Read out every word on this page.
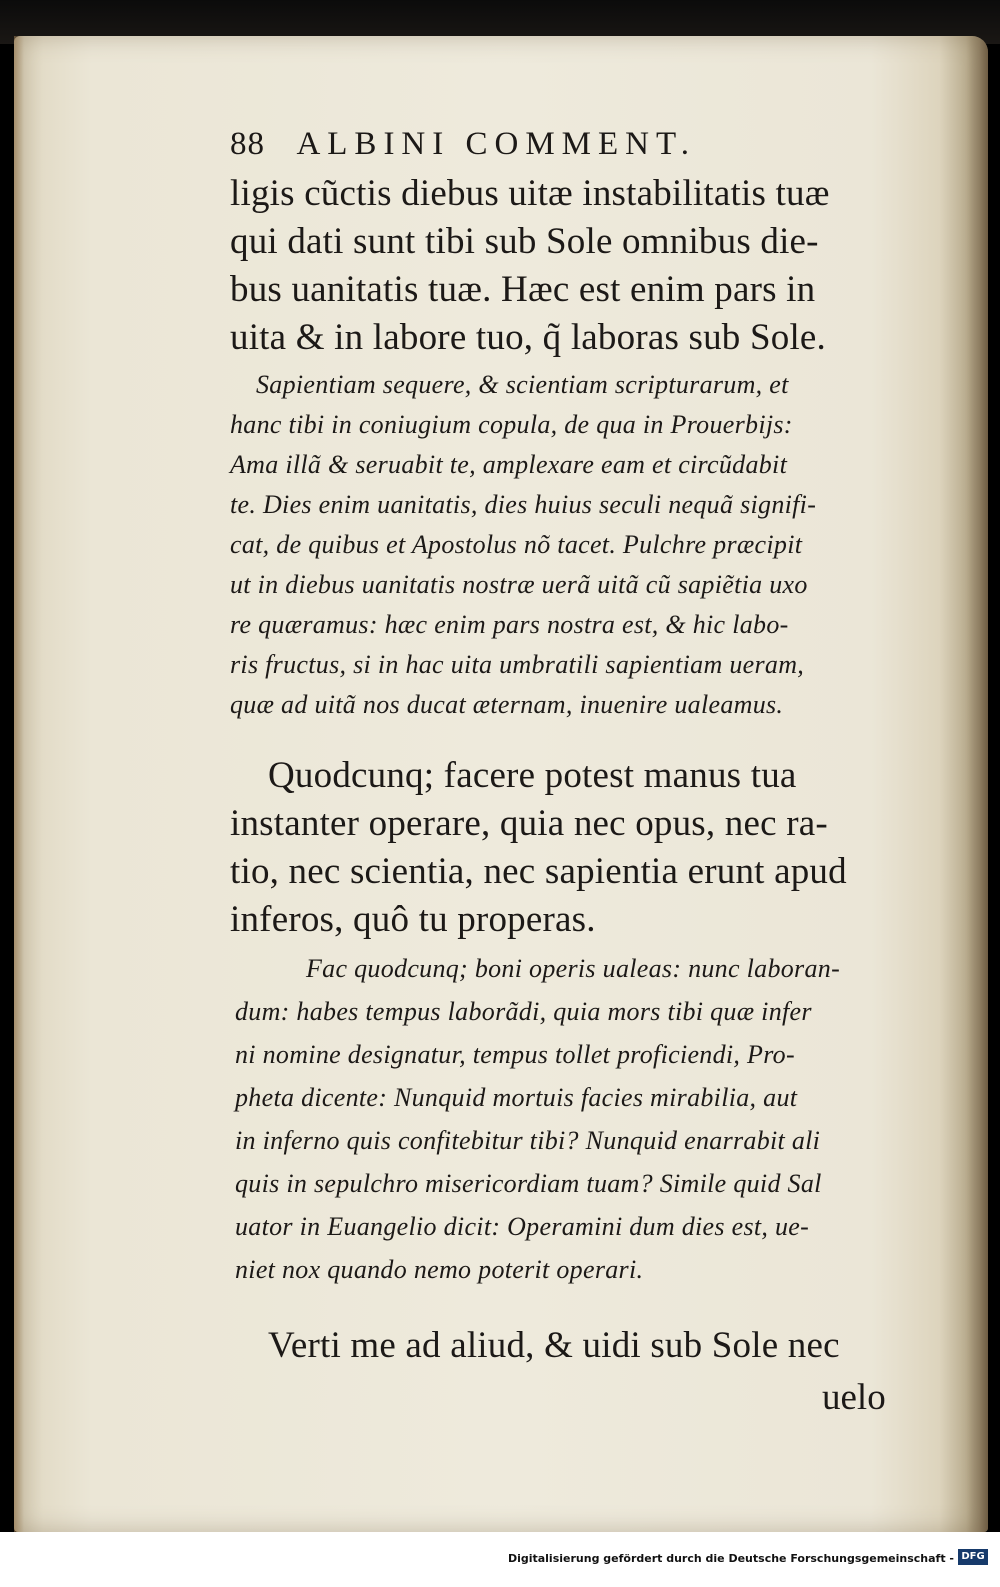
88 ALBINI COMMENT.
ligis cũctis diebus uitæ instabilitatis tuæ
qui dati sunt tibi sub Sole omnibus die-
bus uanitatis tuæ. Hæc est enim pars in
uita & in labore tuo, q̃ laboras sub Sole.
Sapientiam sequere, & scientiam scripturarum, et
hanc tibi in coniugium copula, de qua in Prouerbijs:
Ama illã & seruabit te, amplexare eam et circũdabit
te. Dies enim uanitatis, dies huius seculi nequã signifi-
cat, de quibus et Apostolus nõ tacet. Pulchre præcipit
ut in diebus uanitatis nostræ uerã uitã cũ sapiẽtia uxo
re quæramus: hæc enim pars nostra est, & hic labo-
ris fructus, si in hac uita umbratili sapientiam ueram,
quæ ad uitã nos ducat æternam, inuenire ualeamus.
Quodcunq; facere potest manus tua
instanter operare, quia nec opus, nec ra-
tio, nec scientia, nec sapientia erunt apud
inferos, quô tu properas.
Fac quodcunq; boni operis ualeas: nunc laboran-
dum: habes tempus laborãdi, quia mors tibi quæ infer
ni nomine designatur, tempus tollet proficiendi, Pro-
pheta dicente: Nunquid mortuis facies mirabilia, aut
in inferno quis confitebitur tibi? Nunquid enarrabit ali
quis in sepulchro misericordiam tuam? Simile quid Sal
uator in Euangelio dicit: Operamini dum dies est, ue-
niet nox quando nemo poterit operari.
Verti me ad aliud, & uidi sub Sole nec
uelo
Digitalisierung gefördert durch die Deutsche Forschungsgemeinschaft - DFG
